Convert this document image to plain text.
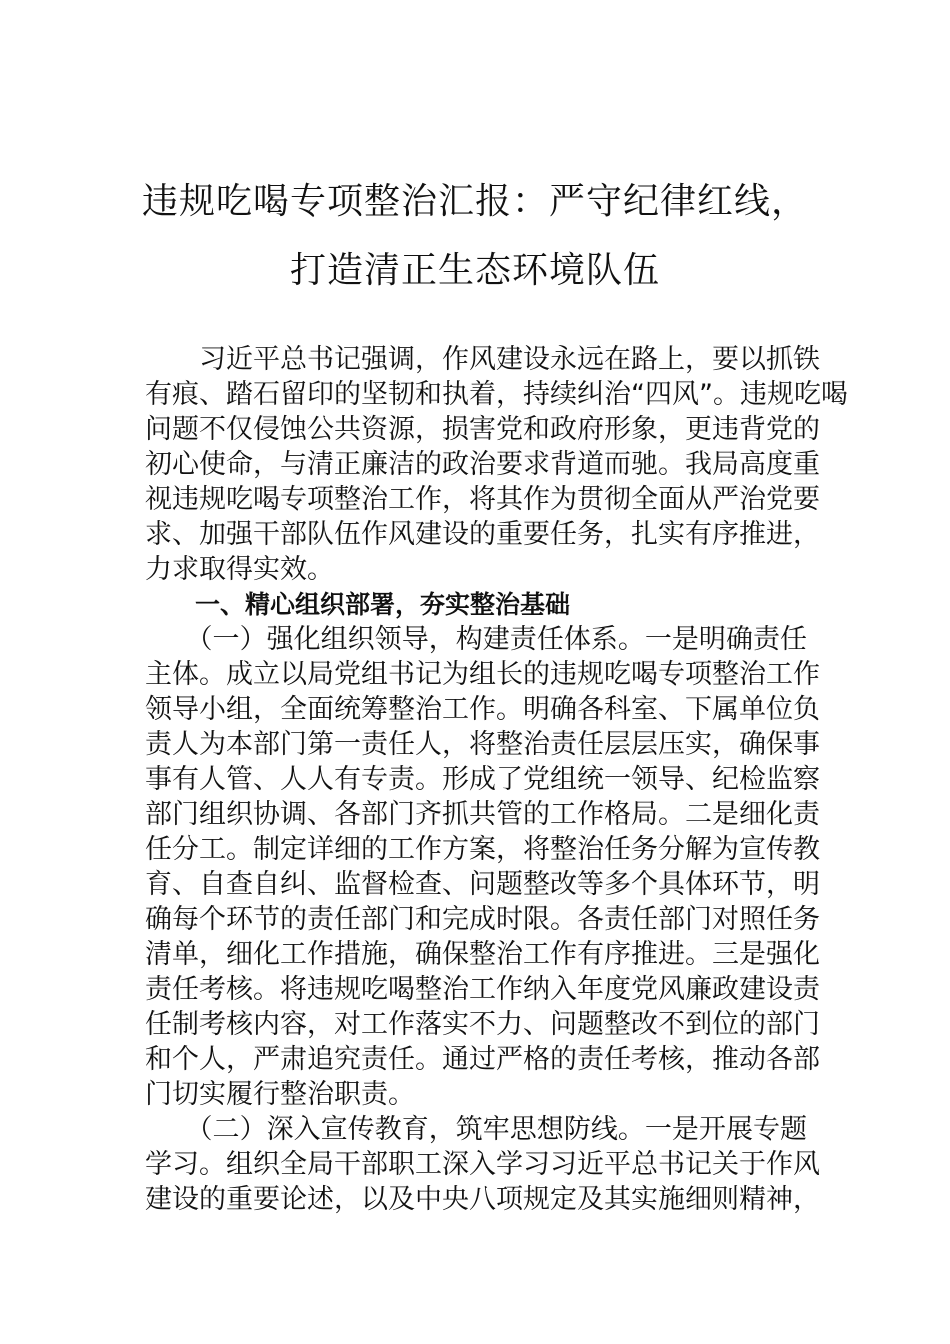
违规吃喝专项整治汇报：严守纪律红线，
打造清正生态环境队伍
　　习近平总书记强调，作风建设永远在路上，要以抓铁
有痕、踏石留印的坚韧和执着，持续纠治“四风”。违规吃喝
问题不仅侵蚀公共资源，损害党和政府形象，更违背党的
初心使命，与清正廉洁的政治要求背道而驰。我局高度重
视违规吃喝专项整治工作，将其作为贯彻全面从严治党要
求、加强干部队伍作风建设的重要任务，扎实有序推进，
力求取得实效。
　　一、精心组织部署，夯实整治基础
　　（一）强化组织领导，构建责任体系。一是明确责任
主体。成立以局党组书记为组长的违规吃喝专项整治工作
领导小组，全面统筹整治工作。明确各科室、下属单位负
责人为本部门第一责任人，将整治责任层层压实，确保事
事有人管、人人有专责。形成了党组统一领导、纪检监察
部门组织协调、各部门齐抓共管的工作格局。二是细化责
任分工。制定详细的工作方案，将整治任务分解为宣传教
育、自查自纠、监督检查、问题整改等多个具体环节，明
确每个环节的责任部门和完成时限。各责任部门对照任务
清单，细化工作措施，确保整治工作有序推进。三是强化
责任考核。将违规吃喝整治工作纳入年度党风廉政建设责
任制考核内容，对工作落实不力、问题整改不到位的部门
和个人，严肃追究责任。通过严格的责任考核，推动各部
门切实履行整治职责。
　　（二）深入宣传教育，筑牢思想防线。一是开展专题
学习。组织全局干部职工深入学习习近平总书记关于作风
建设的重要论述，以及中央八项规定及其实施细则精神，
